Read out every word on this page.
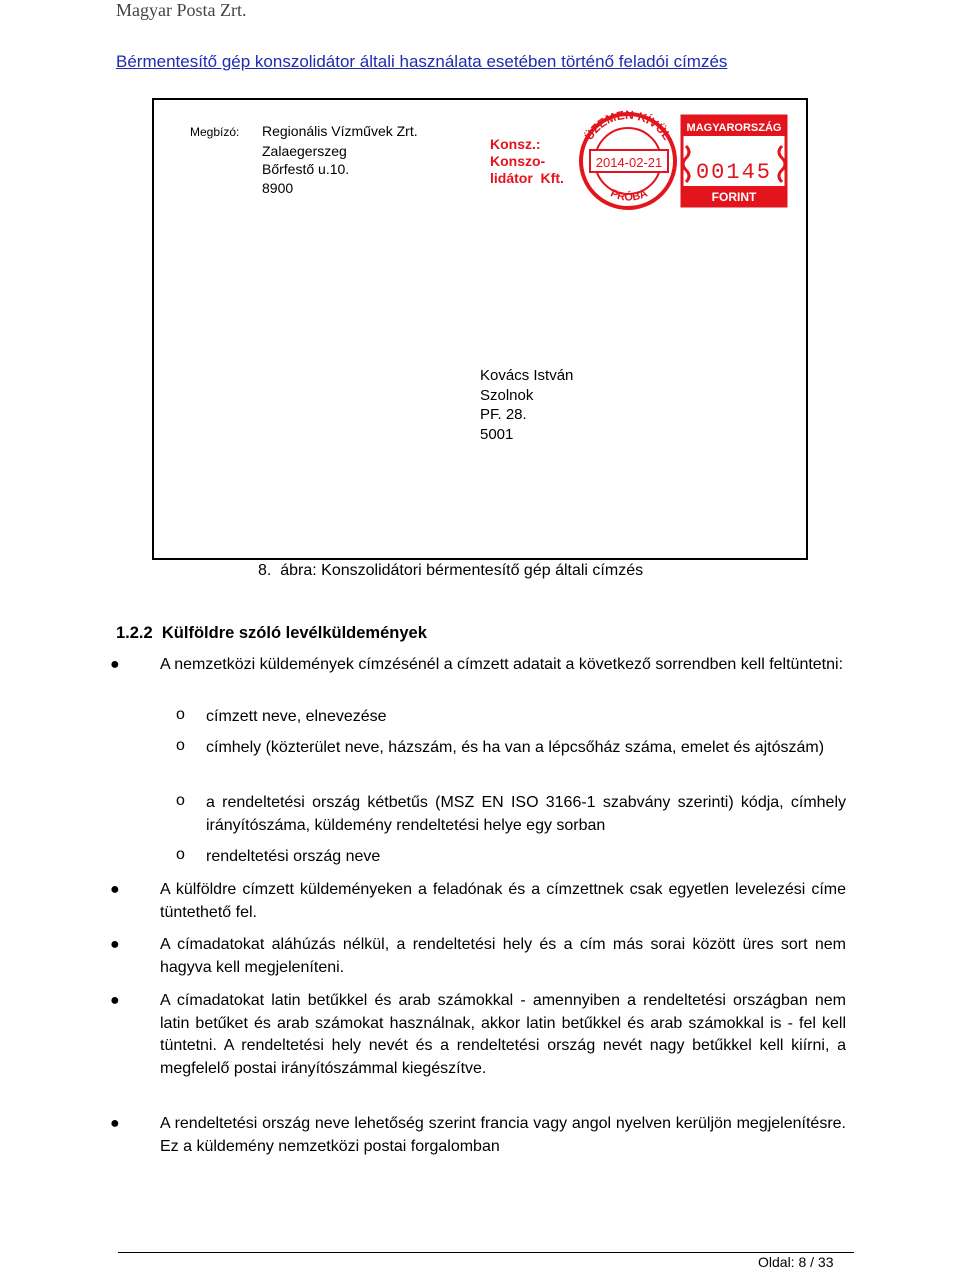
Magyar Posta Zrt.
Bérmentesítő gép konszolidátor általi használata esetében történő feladói címzés
Megbízó: Regionális Vízművek Zrt.
Zalaegerszeg
Bőrfestő u.10.
8900
Konsz.:
Konszo-
lidátor  Kft.
ÜZEMEN KÍVÜL
2014-02-21
PRÓBA
MAGYARORSZÁG
00145
FORINT
Kovács István
Szolnok
PF. 28.
5001
8.  ábra: Konszolidátori bérmentesítő gép általi címzés
1.2.2 Külföldre szóló levélküldemények
●	A nemzetközi küldemények címzésénél a címzett adatait a következő sorrendben kell feltüntetni:
o címzett neve, elnevezése
o címhely (közterület neve, házszám, és ha van a lépcsőház száma, emelet és ajtószám)
o a rendeltetési ország kétbetűs (MSZ EN ISO 3166-1 szabvány szerinti) kódja, címhely irányítószáma, küldemény rendeltetési helye egy sorban
o rendeltetési ország neve
●	A külföldre címzett küldeményeken a feladónak és a címzettnek csak egyetlen levelezési címe tüntethető fel.
●	A címadatokat aláhúzás nélkül, a rendeltetési hely és a cím más sorai között üres sort nem hagyva kell megjeleníteni.
●	A címadatokat latin betűkkel és arab számokkal - amennyiben a rendeltetési országban nem latin betűket és arab számokat használnak, akkor latin betűkkel és arab számokkal is - fel kell tüntetni. A rendeltetési hely nevét és a rendeltetési ország nevét nagy betűkkel kell kiírni, a megfelelő postai irányítószámmal kiegészítve.
●	A rendeltetési ország neve lehetőség szerint francia vagy angol nyelven kerüljön megjelenítésre. Ez a küldemény nemzetközi postai forgalomban
Oldal: 8 / 33
